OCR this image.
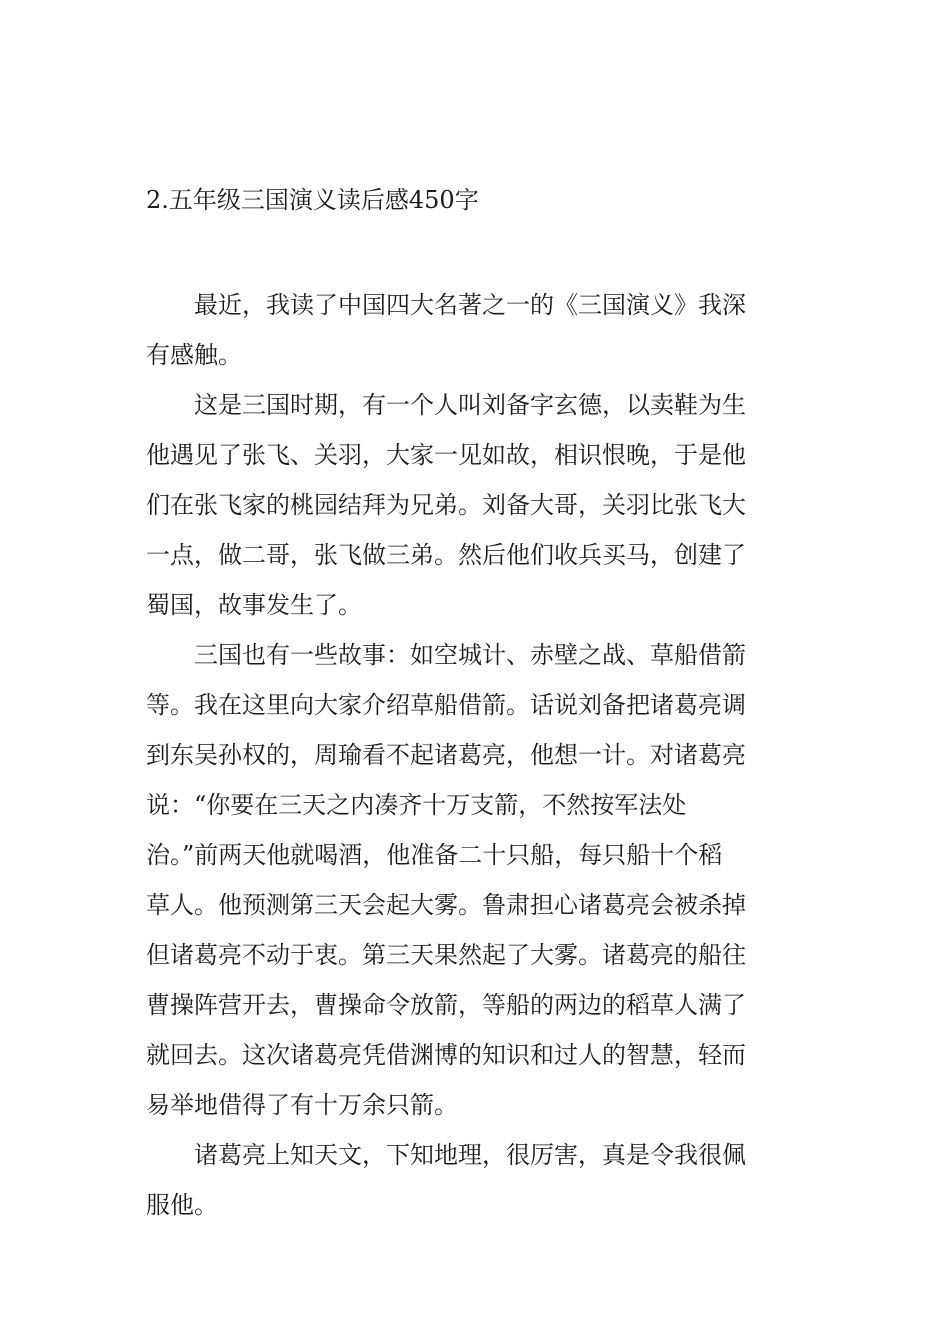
2.五年级三国演义读后感450字

最近，我读了中国四大名著之一的《三国演义》我深
有感触。

这是三国时期，有一个人叫刘备字玄德，以卖鞋为生
他遇见了张飞、关羽，大家一见如故，相识恨晚，于是他
们在张飞家的桃园结拜为兄弟。刘备大哥，关羽比张飞大
一点，做二哥，张飞做三弟。然后他们收兵买马，创建了
蜀国，故事发生了。

三国也有一些故事：如空城计、赤壁之战、草船借箭
等。我在这里向大家介绍草船借箭。话说刘备把诸葛亮调
到东吴孙权的，周瑜看不起诸葛亮，他想一计。对诸葛亮
说：“你要在三天之内凑齐十万支箭，不然按军法处
治。”前两天他就喝酒，他准备二十只船，每只船十个稻
草人。他预测第三天会起大雾。鲁肃担心诸葛亮会被杀掉
但诸葛亮不动于衷。第三天果然起了大雾。诸葛亮的船往
曹操阵营开去，曹操命令放箭，等船的两边的稻草人满了
就回去。这次诸葛亮凭借渊博的知识和过人的智慧，轻而
易举地借得了有十万余只箭。

诸葛亮上知天文，下知地理，很厉害，真是令我很佩
服他。
